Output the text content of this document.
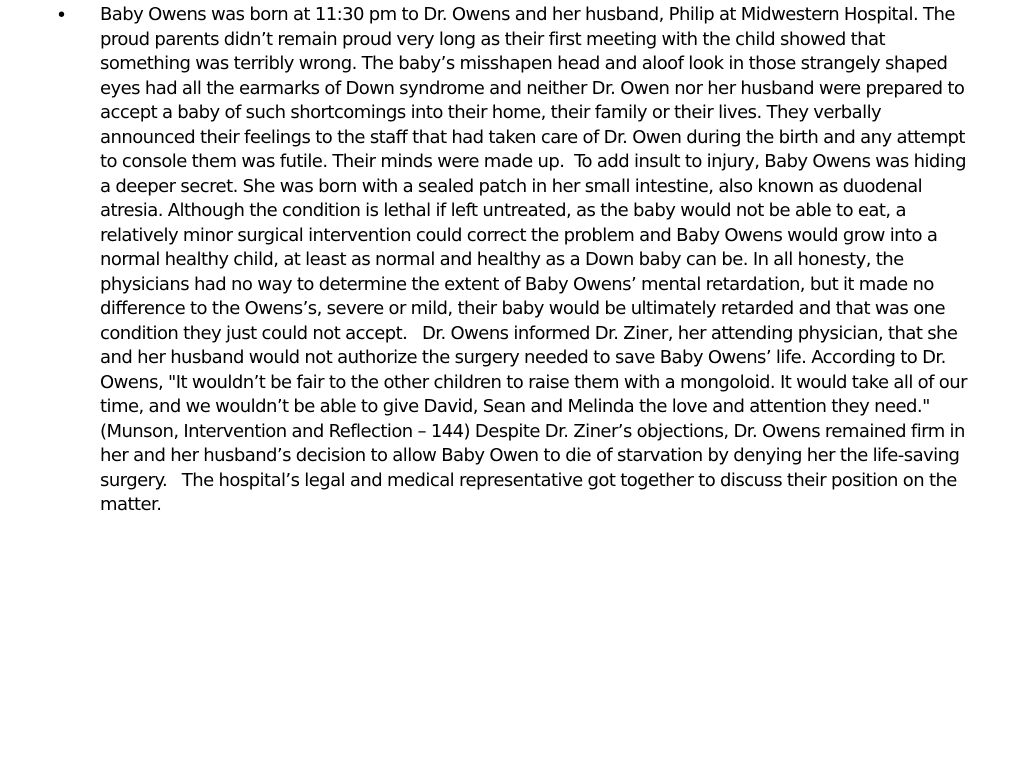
•	Baby Owens was born at 11:30 pm to Dr. Owens and her husband, Philip at Midwestern Hospital. The proud parents didn’t remain proud very long as their first meeting with the child showed that something was terribly wrong. The baby’s misshapen head and aloof look in those strangely shaped eyes had all the earmarks of Down syndrome and neither Dr. Owen nor her husband were prepared to accept a baby of such shortcomings into their home, their family or their lives. They verbally announced their feelings to the staff that had taken care of Dr. Owen during the birth and any attempt to console them was futile. Their minds were made up.  To add insult to injury, Baby Owens was hiding a deeper secret. She was born with a sealed patch in her small intestine, also known as duodenal atresia. Although the condition is lethal if left untreated, as the baby would not be able to eat, a relatively minor surgical intervention could correct the problem and Baby Owens would grow into a normal healthy child, at least as normal and healthy as a Down baby can be. In all honesty, the physicians had no way to determine the extent of Baby Owens’ mental retardation, but it made no difference to the Owens’s, severe or mild, their baby would be ultimately retarded and that was one condition they just could not accept.   Dr. Owens informed Dr. Ziner, her attending physician, that she and her husband would not authorize the surgery needed to save Baby Owens’ life. According to Dr. Owens, "It wouldn’t be fair to the other children to raise them with a mongoloid. It would take all of our time, and we wouldn’t be able to give David, Sean and Melinda the love and attention they need." (Munson, Intervention and Reflection – 144) Despite Dr. Ziner’s objections, Dr. Owens remained firm in her and her husband’s decision to allow Baby Owen to die of starvation by denying her the life-saving surgery.   The hospital’s legal and medical representative got together to discuss their position on the matter.
